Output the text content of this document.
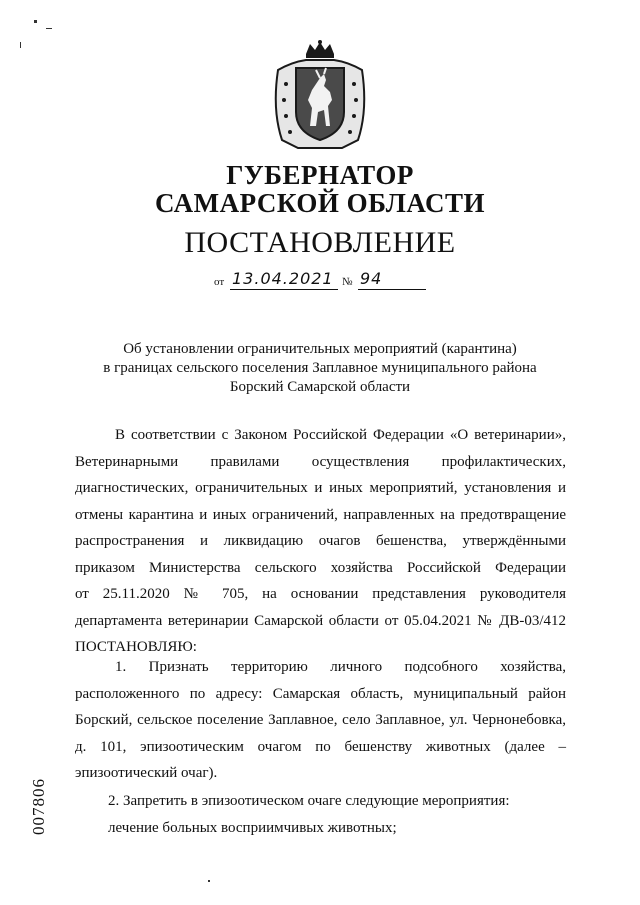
ГУБЕРНАТОР
САМАРСКОЙ ОБЛАСТИ
ПОСТАНОВЛЕНИЕ
от 13.04.2021 № 94
Об установлении ограничительных мероприятий (карантина)
в границах сельского поселения Заплавное муниципального района
Борский Самарской области
В соответствии с Законом Российской Федерации «О ветеринарии»,
Ветеринарными правилами осуществления профилактических,
диагностических, ограничительных и иных мероприятий, установления и
отмены карантина и иных ограничений, направленных на предотвращение
распространения и ликвидацию очагов бешенства, утверждёнными
приказом Министерства сельского хозяйства Российской Федерации
от 25.11.2020 № 705, на основании представления руководителя
департамента ветеринарии Самарской области от 05.04.2021 № ДВ-03/412
ПОСТАНОВЛЯЮ:
1. Признать территорию личного подсобного хозяйства,
расположенного по адресу: Самарская область, муниципальный район
Борский, сельское поселение Заплавное, село Заплавное, ул. Чернонебовка,
д. 101, эпизоотическим очагом по бешенству животных (далее –
эпизоотический очаг).
2. Запретить в эпизоотическом очаге следующие мероприятия:
лечение больных восприимчивых животных;
007806
